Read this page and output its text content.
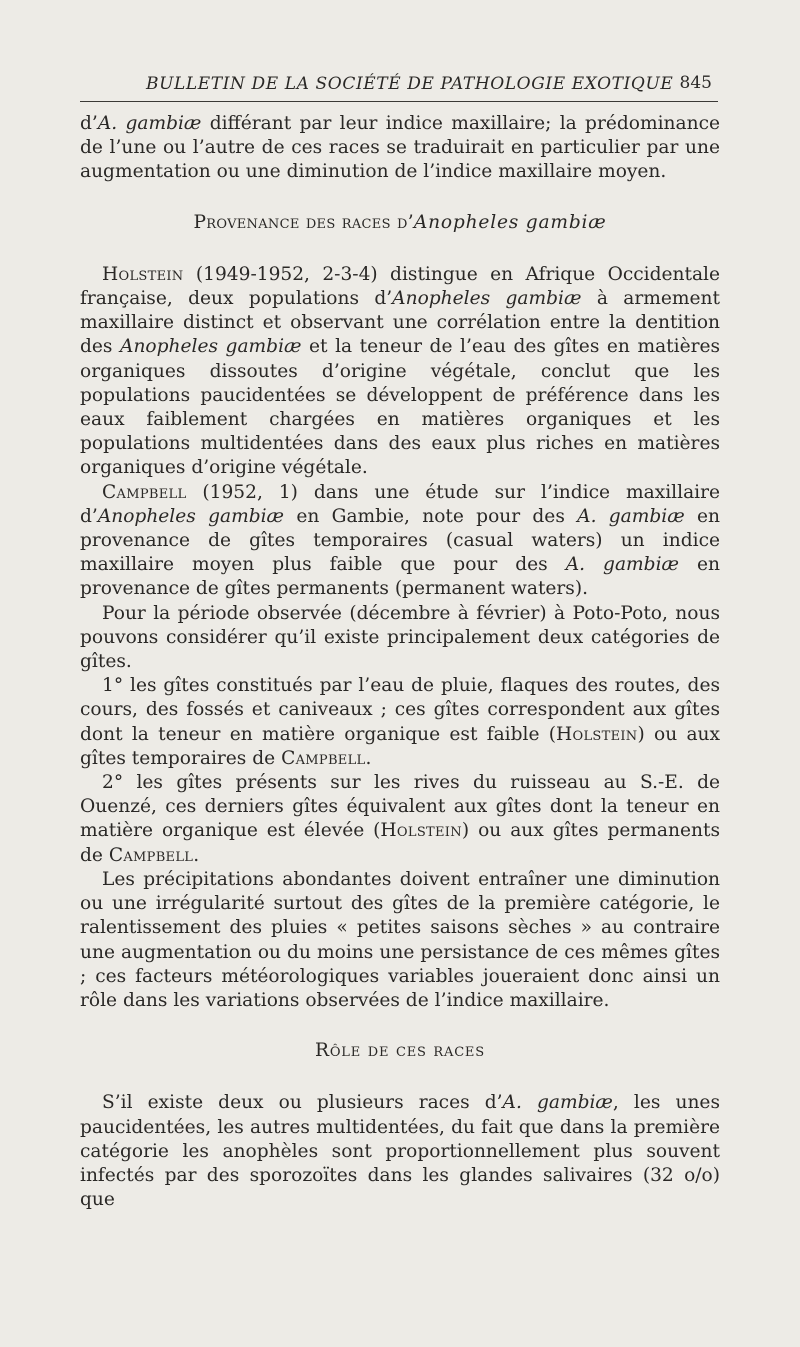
BULLETIN DE LA SOCIÉTÉ DE PATHOLOGIE EXOTIQUE 845

d’A. gambiæ différant par leur indice maxillaire; la prédominance de l’une ou l’autre de ces races se traduirait en particulier par une augmentation ou une diminution de l’indice maxillaire moyen.

Provenance des races d’Anopheles gambiæ

Holstein (1949-1952, 2-3-4) distingue en Afrique Occidentale française, deux populations d’Anopheles gambiæ à armement maxillaire distinct et observant une corrélation entre la dentition des Anopheles gambiæ et la teneur de l’eau des gîtes en matières organiques dissoutes d’origine végétale, conclut que les populations paucidentées se développent de préférence dans les eaux faiblement chargées en matières organiques et les populations multidentées dans des eaux plus riches en matières organiques d’origine végétale.

Campbell (1952, 1) dans une étude sur l’indice maxillaire d’Anopheles gambiæ en Gambie, note pour des A. gambiæ en provenance de gîtes temporaires (casual waters) un indice maxillaire moyen plus faible que pour des A. gambiæ en provenance de gîtes permanents (permanent waters).

Pour la période observée (décembre à février) à Poto-Poto, nous pouvons considérer qu’il existe principalement deux catégories de gîtes.

1° les gîtes constitués par l’eau de pluie, flaques des routes, des cours, des fossés et caniveaux ; ces gîtes correspondent aux gîtes dont la teneur en matière organique est faible (Holstein) ou aux gîtes temporaires de Campbell.

2° les gîtes présents sur les rives du ruisseau au S.-E. de Ouenzé, ces derniers gîtes équivalent aux gîtes dont la teneur en matière organique est élevée (Holstein) ou aux gîtes permanents de Campbell.

Les précipitations abondantes doivent entraîner une diminution ou une irrégularité surtout des gîtes de la première catégorie, le ralentissement des pluies « petites saisons sèches » au contraire une augmentation ou du moins une persistance de ces mêmes gîtes ; ces facteurs météorologiques variables joueraient donc ainsi un rôle dans les variations observées de l’indice maxillaire.

Rôle de ces races

S’il existe deux ou plusieurs races d’A. gambiæ, les unes paucidentées, les autres multidentées, du fait que dans la première catégorie les anophèles sont proportionnellement plus souvent infectés par des sporozoïtes dans les glandes salivaires (32 o/o) que
